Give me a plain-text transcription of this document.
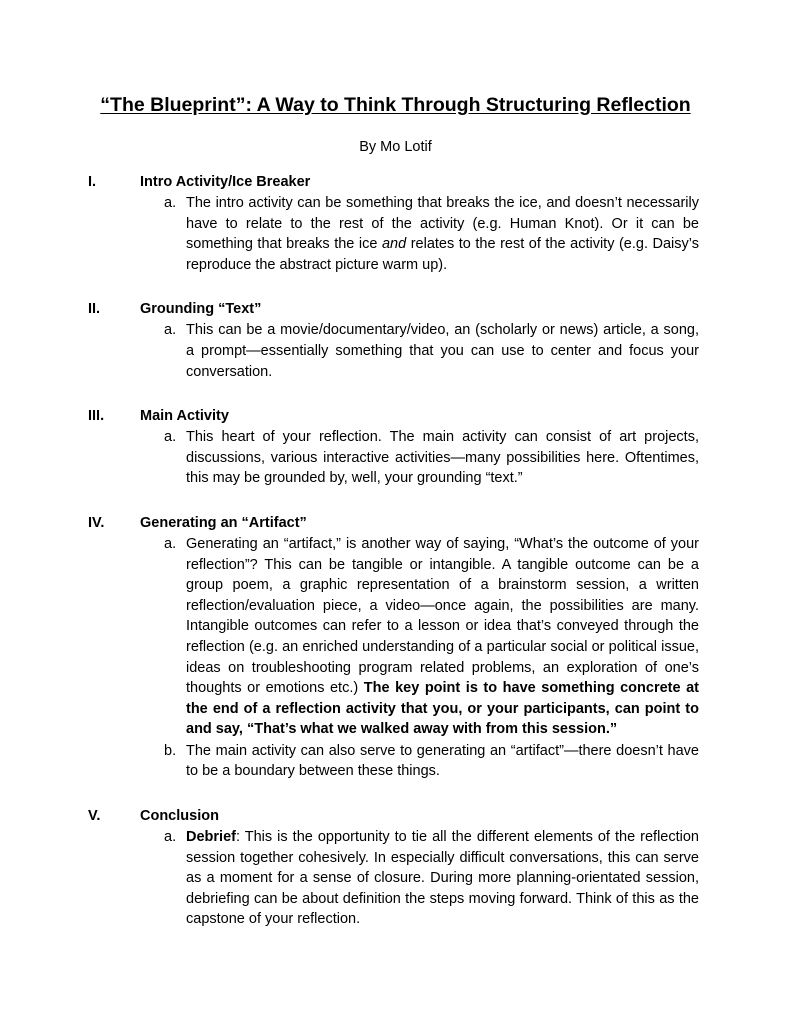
“The Blueprint”: A Way to Think Through Structuring Reflection

By Mo Lotif

I.	Intro Activity/Ice Breaker
a. The intro activity can be something that breaks the ice, and doesn’t necessarily have to relate to the rest of the activity (e.g. Human Knot). Or it can be something that breaks the ice and relates to the rest of the activity (e.g. Daisy’s reproduce the abstract picture warm up).
II.	Grounding “Text”
a. This can be a movie/documentary/video, an (scholarly or news) article, a song, a prompt—essentially something that you can use to center and focus your conversation.
III.	Main Activity
a. This heart of your reflection. The main activity can consist of art projects, discussions, various interactive activities—many possibilities here. Oftentimes, this may be grounded by, well, your grounding “text.”
IV.	Generating an “Artifact”
a. Generating an “artifact,” is another way of saying, “What’s the outcome of your reflection”? This can be tangible or intangible. A tangible outcome can be a group poem, a graphic representation of a brainstorm session, a written reflection/evaluation piece, a video—once again, the possibilities are many. Intangible outcomes can refer to a lesson or idea that’s conveyed through the reflection (e.g. an enriched understanding of a particular social or political issue, ideas on troubleshooting program related problems, an exploration of one’s thoughts or emotions etc.) The key point is to have something concrete at the end of a reflection activity that you, or your participants, can point to and say, “That’s what we walked away with from this session.”
b. The main activity can also serve to generating an “artifact”—there doesn’t have to be a boundary between these things.
V.	Conclusion
a. Debrief: This is the opportunity to tie all the different elements of the reflection session together cohesively. In especially difficult conversations, this can serve as a moment for a sense of closure. During more planning-orientated session, debriefing can be about definition the steps moving forward. Think of this as the capstone of your reflection.
